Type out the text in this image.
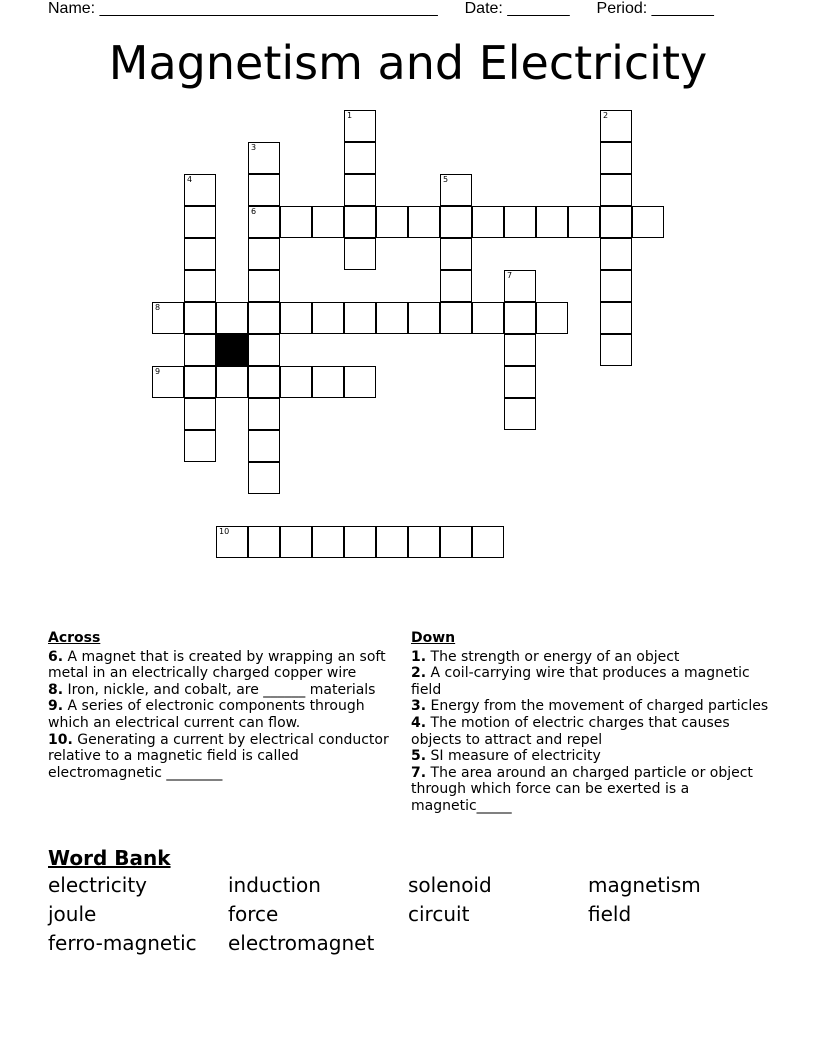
Name: ______________________________________ Date: _______ Period: _______
Magnetism and Electricity
1	2
3
6
4	5
7
8
9
10
Across
6. A magnet that is created by wrapping an soft metal in an electrically charged copper wire
8. Iron, nickle, and cobalt, are ______ materials
9. A series of electronic components through which an electrical current can flow.
10. Generating a current by electrical conductor relative to a magnetic field is called electromagnetic ________
Down
1. The strength or energy of an object
2. A coil-carrying wire that produces a magnetic field
3. Energy from the movement of charged particles
4. The motion of electric charges that causes objects to attract and repel
5. SI measure of electricity
7. The area around an charged particle or object through which force can be exerted is a magnetic_____
Word Bank
electricity	induction	solenoid	magnetism
joule	force	circuit	field
ferro-magnetic	electromagnet
